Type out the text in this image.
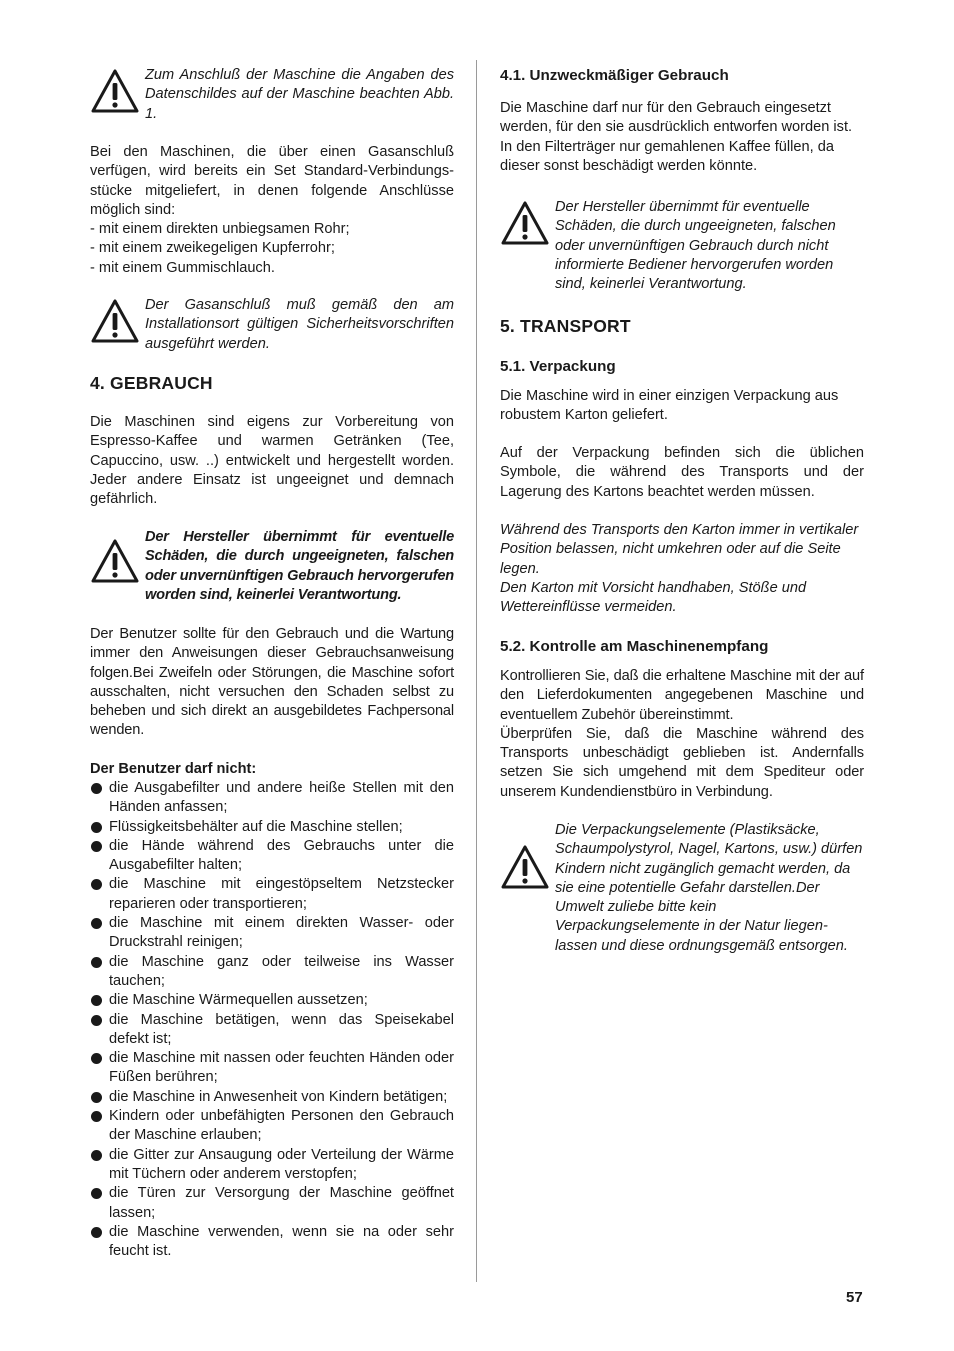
Zum Anschluß der Maschine die Angaben des Datenschildes auf der Maschine beachten Abb. 1.
Bei den Maschinen, die über einen Gasanschluß verfügen, wird bereits ein Set Standard-Verbindungs-stücke mitgeliefert, in denen folgende Anschlüsse möglich sind:
- mit einem direkten unbiegsamen Rohr;
- mit einem zweikegeligen Kupferrohr;
- mit einem Gummischlauch.
Der Gasanschluß muß gemäß den am Installationsort gültigen Sicherheitsvorschriften ausgeführt werden.
4. GEBRAUCH
Die Maschinen sind eigens zur Vorbereitung von Espresso-Kaffee und warmen Getränken (Tee, Capuccino, usw. ..) entwickelt und hergestellt worden. Jeder andere Einsatz ist ungeeignet und demnach gefährlich.
Der Hersteller übernimmt für eventuelle Schäden, die durch ungeeigneten, falschen oder unvernünftigen Gebrauch hervorgerufen worden sind, keinerlei Verantwortung.
Der Benutzer sollte für den Gebrauch und die Wartung immer den Anweisungen dieser Gebrauchsanweisung folgen.Bei Zweifeln oder Störungen, die Maschine sofort ausschalten, nicht versuchen den Schaden selbst zu beheben und sich direkt an ausgebildetes Fachpersonal wenden.
Der Benutzer darf nicht:
die Ausgabefilter und andere heiße Stellen mit den Händen anfassen;
Flüssigkeitsbehälter auf die Maschine stellen;
die Hände während des Gebrauchs unter die Ausgabefilter halten;
die Maschine mit eingestöpseltem Netzstecker reparieren oder transportieren;
die Maschine mit einem direkten Wasser- oder Druckstrahl reinigen;
die Maschine ganz oder teilweise ins Wasser tauchen;
die Maschine Wärmequellen aussetzen;
die Maschine betätigen, wenn das Speisekabel defekt ist;
die Maschine mit nassen oder feuchten Händen oder Füßen berühren;
die Maschine in Anwesenheit von Kindern betätigen;
Kindern oder unbefähigten Personen den Gebrauch der Maschine erlauben;
die Gitter zur Ansaugung oder Verteilung der Wärme mit Tüchern oder anderem verstopfen;
die Türen zur Versorgung der Maschine geöffnet lassen;
die Maschine verwenden, wenn sie na oder sehr feucht ist.
4.1. Unzweckmäßiger Gebrauch
Die Maschine darf nur für den Gebrauch eingesetzt werden, für den sie ausdrücklich entworfen worden ist. In den Filterträger nur gemahlenen Kaffee füllen, da dieser sonst beschädigt werden könnte.
Der Hersteller übernimmt für eventuelle Schäden, die durch ungeeigneten, falschen oder unvernünftigen Gebrauch durch nicht informierte Bediener hervorgerufen worden sind, keinerlei Verantwortung.
5. TRANSPORT
5.1. Verpackung
Die Maschine wird in einer einzigen Verpackung aus robustem Karton geliefert.
Auf der Verpackung befinden sich die üblichen Symbole, die während des Transports und der Lagerung des Kartons beachtet werden müssen.
Während des Transports den Karton immer in vertikaler Position belassen, nicht umkehren oder auf die Seite legen.
Den Karton mit Vorsicht handhaben, Stöße und Wettereinflüsse vermeiden.
5.2. Kontrolle am Maschinenempfang
Kontrollieren Sie, daß die erhaltene Maschine mit der auf den Lieferdokumenten angegebenen Maschine und eventuellem Zubehör übereinstimmt.
Überprüfen Sie, daß die Maschine während des Transports unbeschädigt geblieben ist. Andernfalls setzen Sie sich umgehend mit dem Spediteur oder unserem Kundendienstbüro in Verbindung.
Die Verpackungselemente (Plastiksäcke, Schaumpolystyrol, Nagel, Kartons, usw.) dürfen Kindern nicht zugänglich gemacht werden, da sie eine potentielle Gefahr darstellen.Der Umwelt zuliebe bitte kein Verpackungselemente in der Natur liegen-lassen und diese ordnungsgemäß entsorgen.
57
